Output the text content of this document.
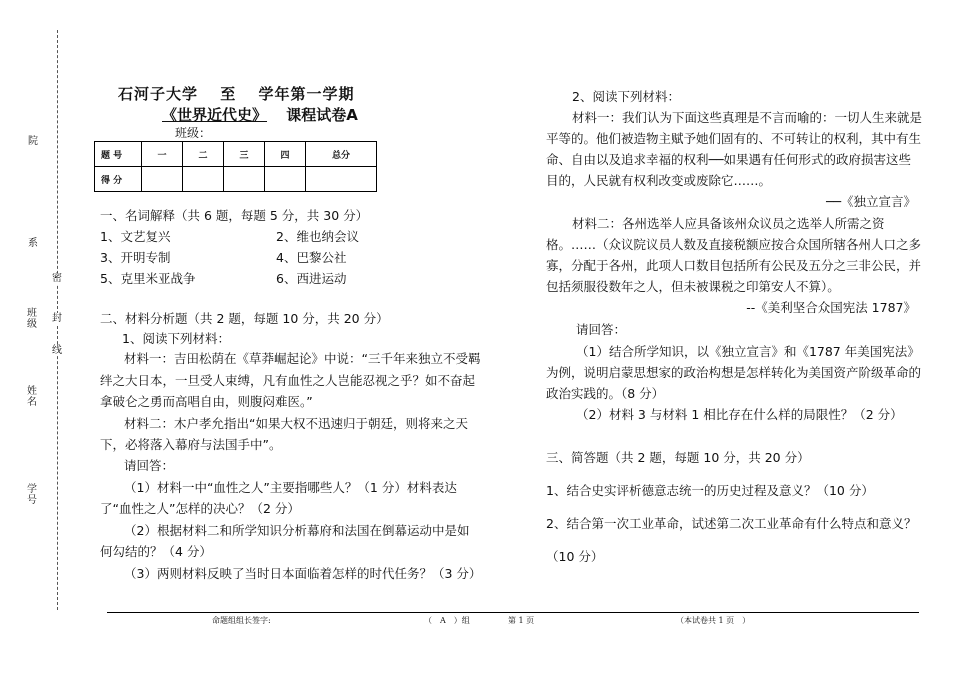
院
系
班级
姓名
学号
密
封
线
石河子大学　 至　 学年第一学期
《世界近代史》 课程试卷A
班级：
题 号	一	二	三	四	总分
得 分					
一、名词解释（共 6 题，每题 5 分，共 30 分）
1、文艺复兴	2、维也纳会议
3、开明专制	4、巴黎公社
5、克里米亚战争	6、西进运动
二、材料分析题（共 2 题，每题 10 分，共 20 分）
1、阅读下列材料：
材料一：吉田松荫在《草莽崛起论》中说：“三千年来独立不受羁
绊之大日本，一旦受人束缚，凡有血性之人岂能忍视之乎？如不奋起
拿破仑之勇而高唱自由，则腹闷难医。”
材料二：木户孝允指出“如果大权不迅速归于朝廷，则将来之天
下，必将落入幕府与法国手中”。
请回答：
（1）材料一中“血性之人”主要指哪些人？（1 分）材料表达
了“血性之人”怎样的决心？（2 分）
（2）根据材料二和所学知识分析幕府和法国在倒幕运动中是如
何勾结的？（4 分）
（3）两则材料反映了当时日本面临着怎样的时代任务？（3 分）
2、阅读下列材料：
材料一：我们认为下面这些真理是不言而喻的：一切人生来就是
平等的。他们被造物主赋予她们固有的、不可转让的权利，其中有生
命、自由以及追求幸福的权利──如果遇有任何形式的政府损害这些
目的，人民就有权利改变或废除它……。
──《独立宣言》
材料二：各州选举人应具备该州众议员之选举人所需之资
格。……（众议院议员人数及直接税额应按合众国所辖各州人口之多
寡，分配于各州，此项人口数目包括所有公民及五分之三非公民，并
包括须服役数年之人，但未被课税之印第安人不算）。
--《美利坚合众国宪法 1787》
请回答：
（1）结合所学知识，以《独立宣言》和《1787 年美国宪法》
为例，说明启蒙思想家的政治构想是怎样转化为美国资产阶级革命的
政治实践的。（8 分）
（2）材料 3 与材料 1 相比存在什么样的局限性？（2 分）
三、简答题（共 2 题，每题 10 分，共 20 分）
1、结合史实评析德意志统一的历史过程及意义？（10 分）
2、结合第一次工业革命，试述第二次工业革命有什么特点和意义？
（10 分）
命题组组长签字:	（　A　）组	第 1 页	（本试卷共 1 页　）
